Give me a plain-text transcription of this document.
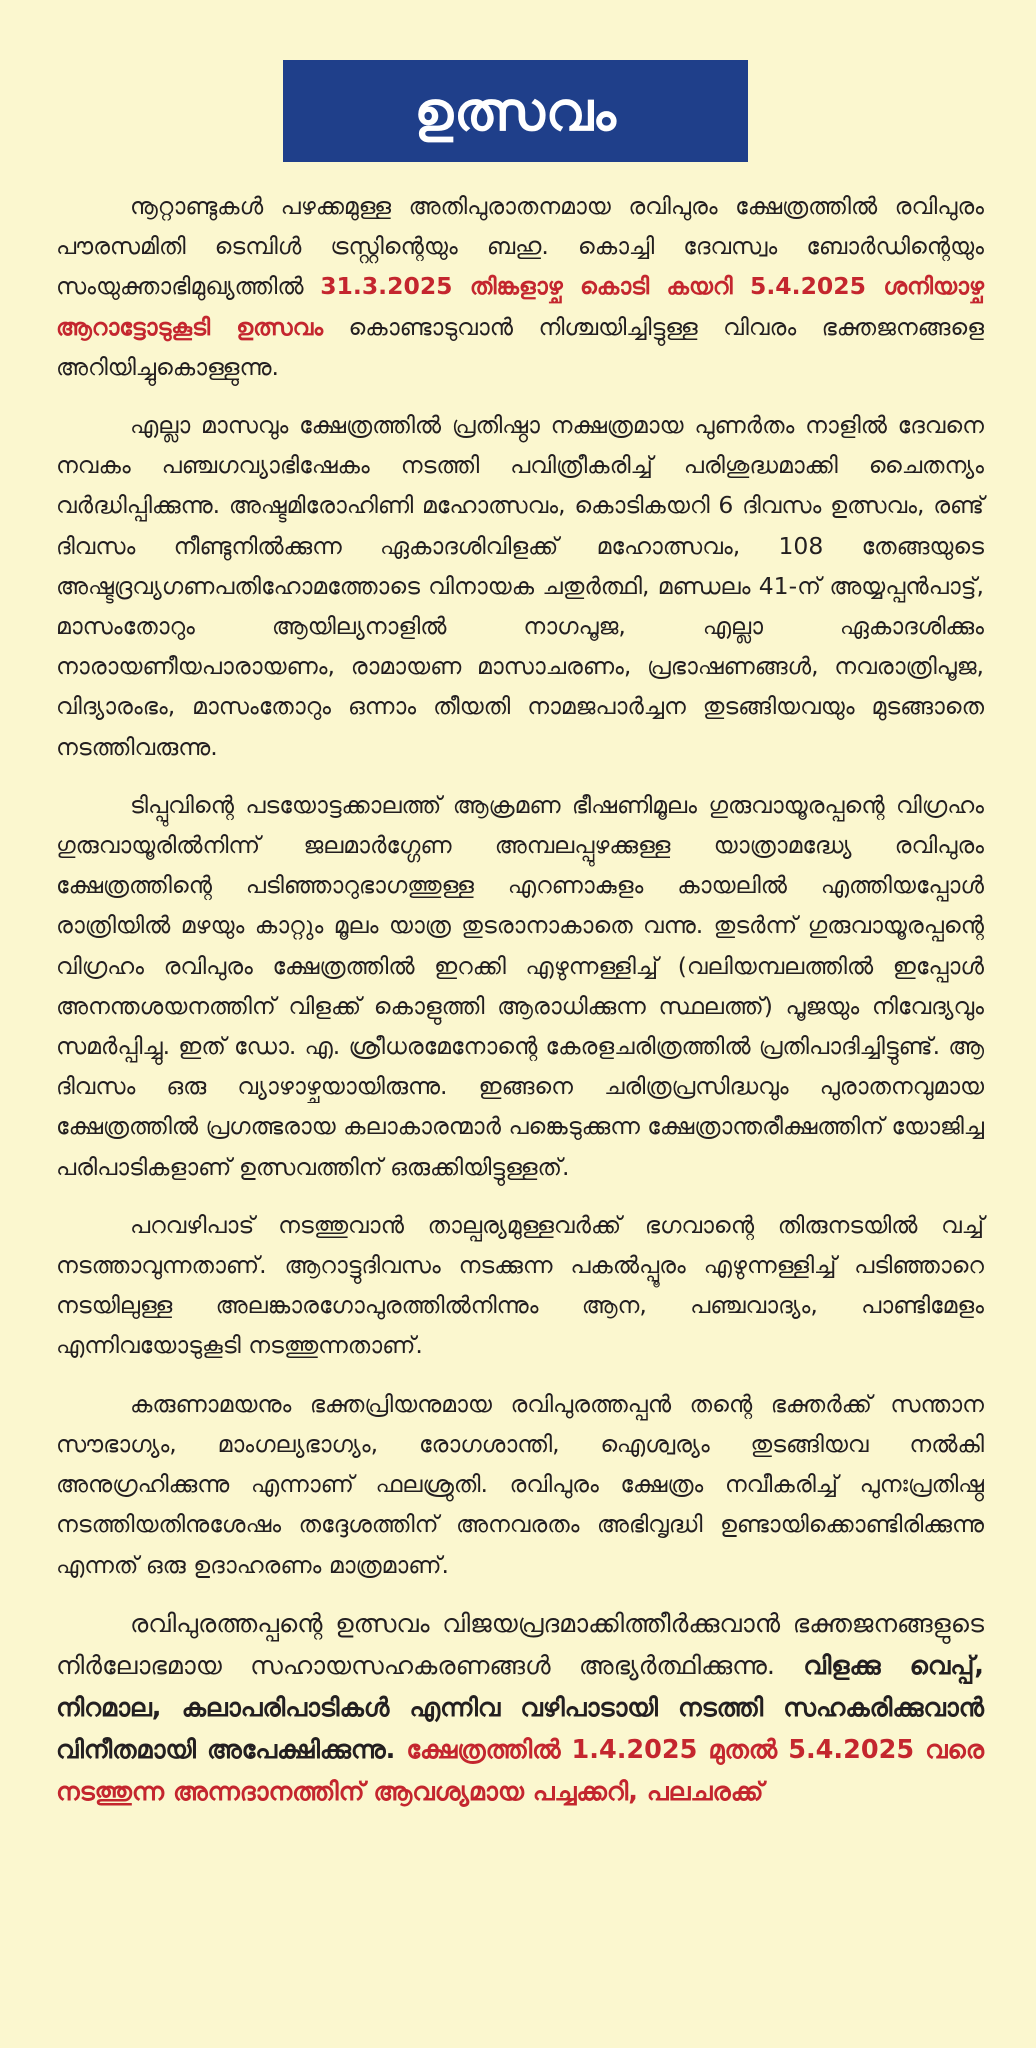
ഉത്സവം

നൂറ്റാണ്ടുകൾ പഴക്കമുള്ള അതിപുരാതനമായ രവിപുരം ക്ഷേത്രത്തിൽ രവിപുരം പൗരസമിതി ടെമ്പിൾ ട്രസ്റ്റിന്റെയും ബഹു. കൊച്ചി ദേവസ്വം ബോർഡിന്റെയും സംയുക്താഭിമുഖ്യത്തിൽ 31.3.2025 തിങ്കളാഴ്ച കൊടി കയറി 5.4.2025 ശനിയാഴ്ച ആറാട്ടോടുകൂടി ഉത്സവം കൊണ്ടാടുവാൻ നിശ്ചയിച്ചിട്ടുള്ള വിവരം ഭക്തജനങ്ങളെ അറിയിച്ചുകൊള്ളുന്നു.

എല്ലാ മാസവും ക്ഷേത്രത്തിൽ പ്രതിഷ്ഠാ നക്ഷത്രമായ പുണർതം നാളിൽ ദേവനെ നവകം പഞ്ചഗവ്യാഭിഷേകം നടത്തി പവിത്രീകരിച്ച് പരിശുദ്ധമാക്കി ചൈതന്യം വർദ്ധിപ്പിക്കുന്നു. അഷ്ടമിരോഹിണി മഹോത്സവം, കൊടികയറി 6 ദിവസം ഉത്സവം, രണ്ട് ദിവസം നീണ്ടുനിൽക്കുന്ന ഏകാദശിവിളക്ക് മഹോത്സവം, 108 തേങ്ങയുടെ അഷ്ടദ്രവ്യഗണപതിഹോമത്തോടെ വിനായക ചതുർത്ഥി, മണ്ഡലം 41-ന് അയ്യപ്പൻപാട്ട്, മാസംതോറും ആയില്യനാളിൽ നാഗപൂജ, എല്ലാ ഏകാദശിക്കും നാരായണീയപാരായണം, രാമായണ മാസാചരണം, പ്രഭാഷണങ്ങൾ, നവരാത്രിപൂജ, വിദ്യാരംഭം, മാസംതോറും ഒന്നാം തീയതി നാമജപാർച്ചന തുടങ്ങിയവയും മുടങ്ങാതെ നടത്തിവരുന്നു.

ടിപ്പുവിന്റെ പടയോട്ടക്കാലത്ത് ആക്രമണ ഭീഷണിമൂലം ഗുരുവായൂരപ്പന്റെ വിഗ്രഹം ഗുരുവായൂരിൽനിന്ന് ജലമാർഗ്ഗേണ അമ്പലപ്പുഴക്കുള്ള യാത്രാമദ്ധ്യേ രവിപുരം ക്ഷേത്രത്തിന്റെ പടിഞ്ഞാറുഭാഗത്തുള്ള എറണാകുളം കായലിൽ എത്തിയപ്പോൾ രാത്രിയിൽ മഴയും കാറ്റും മൂലം യാത്ര തുടരാനാകാതെ വന്നു. തുടർന്ന് ഗുരുവായൂരപ്പന്റെ വിഗ്രഹം രവിപുരം ക്ഷേത്രത്തിൽ ഇറക്കി എഴുന്നള്ളിച്ച് (വലിയമ്പലത്തിൽ ഇപ്പോൾ അനന്തശയനത്തിന് വിളക്ക് കൊളുത്തി ആരാധിക്കുന്ന സ്ഥലത്ത്) പൂജയും നിവേദ്യവും സമർപ്പിച്ചു. ഇത് ഡോ. എ. ശ്രീധരമേനോന്റെ കേരളചരിത്രത്തിൽ പ്രതിപാദിച്ചിട്ടുണ്ട്. ആ ദിവസം ഒരു വ്യാഴാഴ്ചയായിരുന്നു. ഇങ്ങനെ ചരിത്രപ്രസിദ്ധവും പുരാതനവുമായ ക്ഷേത്രത്തിൽ പ്രഗത്ഭരായ കലാകാരന്മാർ പങ്കെടുക്കുന്ന ക്ഷേത്രാന്തരീക്ഷത്തിന് യോജിച്ച പരിപാടികളാണ് ഉത്സവത്തിന് ഒരുക്കിയിട്ടുള്ളത്.

പറവഴിപാട് നടത്തുവാൻ താല്പര്യമുള്ളവർക്ക് ഭഗവാന്റെ തിരുനടയിൽ വച്ച് നടത്താവുന്നതാണ്. ആറാട്ടുദിവസം നടക്കുന്ന പകൽപ്പൂരം എഴുന്നള്ളിച്ച് പടിഞ്ഞാറെ നടയിലുള്ള അലങ്കാരഗോപുരത്തിൽനിന്നും ആന, പഞ്ചവാദ്യം, പാണ്ടിമേളം എന്നിവയോടുകൂടി നടത്തുന്നതാണ്.

കരുണാമയനും ഭക്തപ്രിയനുമായ രവിപുരത്തപ്പൻ തന്റെ ഭക്തർക്ക് സന്താന സൗഭാഗ്യം, മാംഗല്യഭാഗ്യം, രോഗശാന്തി, ഐശ്വര്യം തുടങ്ങിയവ നൽകി അനുഗ്രഹിക്കുന്നു എന്നാണ് ഫലശ്രുതി. രവിപുരം ക്ഷേത്രം നവീകരിച്ച് പുനഃപ്രതിഷ്ഠ നടത്തിയതിനുശേഷം തദ്ദേശത്തിന് അനവരതം അഭിവൃദ്ധി ഉണ്ടായിക്കൊണ്ടിരിക്കുന്നു എന്നത് ഒരു ഉദാഹരണം മാത്രമാണ്.

രവിപുരത്തപ്പന്റെ ഉത്സവം വിജയപ്രദമാക്കിത്തീർക്കുവാൻ ഭക്തജനങ്ങളുടെ നിർലോഭമായ സഹായസഹകരണങ്ങൾ അഭ്യർത്ഥിക്കുന്നു. വിളക്കു വെപ്പ്, നിറമാല, കലാപരിപാടികൾ എന്നിവ വഴിപാടായി നടത്തി സഹകരിക്കുവാൻ വിനീതമായി അപേക്ഷിക്കുന്നു. ക്ഷേത്രത്തിൽ 1.4.2025 മുതൽ 5.4.2025 വരെ നടത്തുന്ന അന്നദാനത്തിന് ആവശ്യമായ പച്ചക്കറി, പലചരക്ക്
